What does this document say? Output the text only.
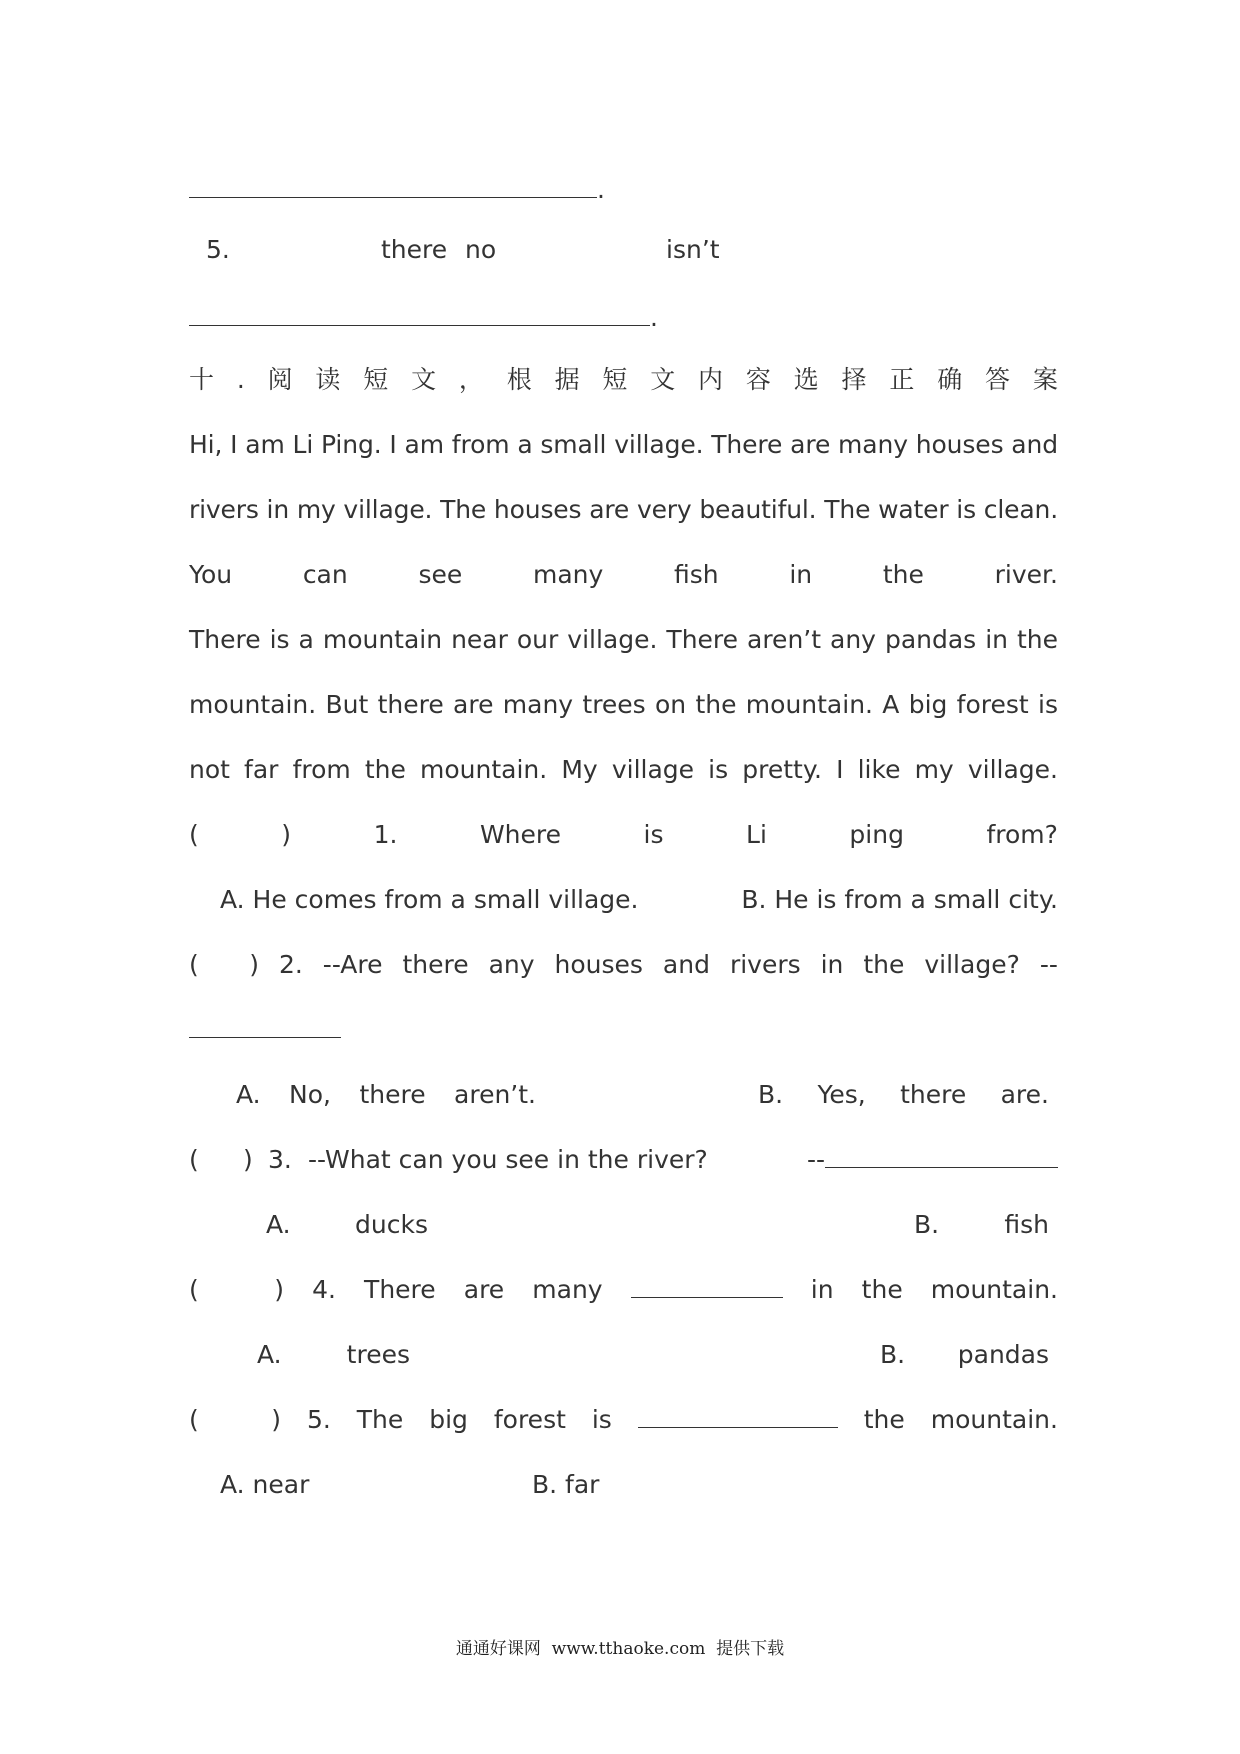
.
5.	there no	isn’t
.
十 . 阅 读 短 文 ， 根 据 短 文 内 容 选 择 正 确 答 案
Hi, I am Li Ping. I am from a small village. There are many houses and
rivers in my village. The houses are very beautiful. The water is clean.
You	can	see	many	fish	in	the	river.
There is a mountain near our village. There aren’t any pandas in the
mountain. But there are many trees on the mountain. A big forest is
not far from the mountain. My village is pretty. I like my village.
(	)	1.	Where	is	Li	ping	from?
A. He comes from a small village.	B. He is from a small city.
( ) 2. --Are there any houses and rivers in the village? --
A. No, there aren’t.	B. Yes, there are.
( ) 3. --What can you see in the river?	--
A.	ducks	B.	fish
(	) 4. There are many	in the mountain.
A.	trees	B. pandas
(	) 5. The big forest is	the mountain.
A. near	B. far
通通好课网  www.tthaoke.com  提供下载
